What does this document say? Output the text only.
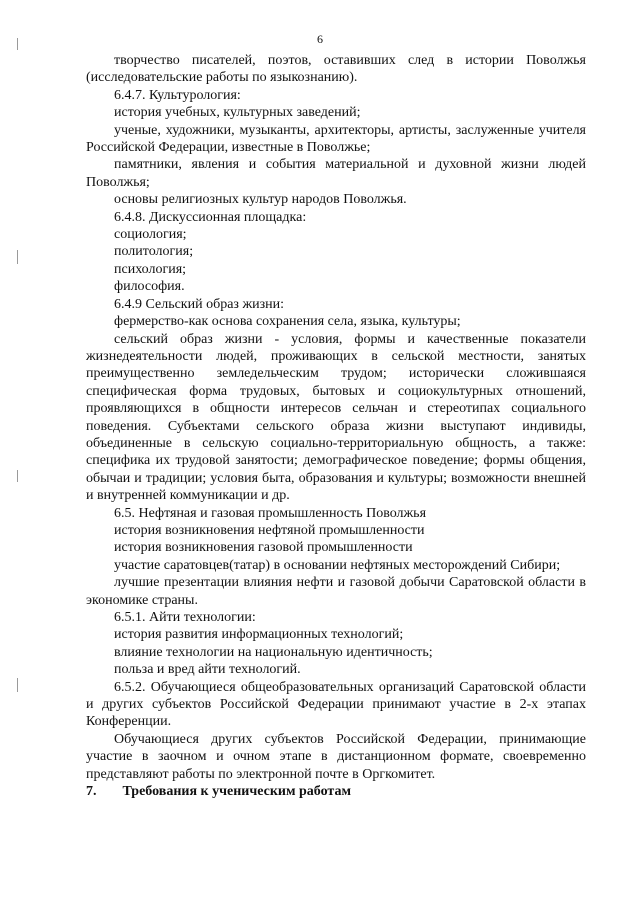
6

творчество писателей, поэтов, оставивших след в истории Поволжья (исследовательские работы по языкознанию).

6.4.7. Культурология:

история учебных, культурных заведений;

ученые, художники, музыканты, архитекторы, артисты, заслуженные учителя Российской Федерации, известные в Поволжье;

памятники, явления и события материальной и духовной жизни людей Поволжья;

основы религиозных культур народов Поволжья.

6.4.8. Дискуссионная площадка:

социология;

политология;

психология;

философия.

6.4.9 Сельский образ жизни:

фермерство-как основа сохранения села, языка, культуры;

сельский образ жизни - условия, формы и качественные показатели жизнедеятельности людей, проживающих в сельской местности, занятых преимущественно земледельческим трудом; исторически сложившаяся специфическая форма трудовых, бытовых и социокультурных отношений, проявляющихся в общности интересов сельчан и стереотипах социального поведения. Субъектами сельского образа жизни выступают индивиды, объединенные в сельскую социально-территориальную общность, а также: специфика их трудовой занятости; демографическое поведение; формы общения, обычаи и традиции; условия быта, образования и культуры; возможности внешней и внутренней коммуникации и др.

6.5. Нефтяная и газовая промышленность Поволжья

история возникновения нефтяной промышленности

история возникновения газовой промышленности

участие саратовцев(татар) в основании нефтяных месторождений Сибири;

лучшие презентации влияния нефти и газовой добычи Саратовской области в экономике страны.

6.5.1. Айти технологии:

история развития информационных технологий;

влияние технологии на национальную идентичность;

польза и вред айти технологий.

6.5.2. Обучающиеся общеобразовательных организаций Саратовской области и других субъектов Российской Федерации принимают участие в 2-х этапах Конференции.

Обучающиеся других субъектов Российской Федерации, принимающие участие в заочном и очном этапе в дистанционном формате, своевременно представляют работы по электронной почте в Оргкомитет.

7. Требования к ученическим работам
